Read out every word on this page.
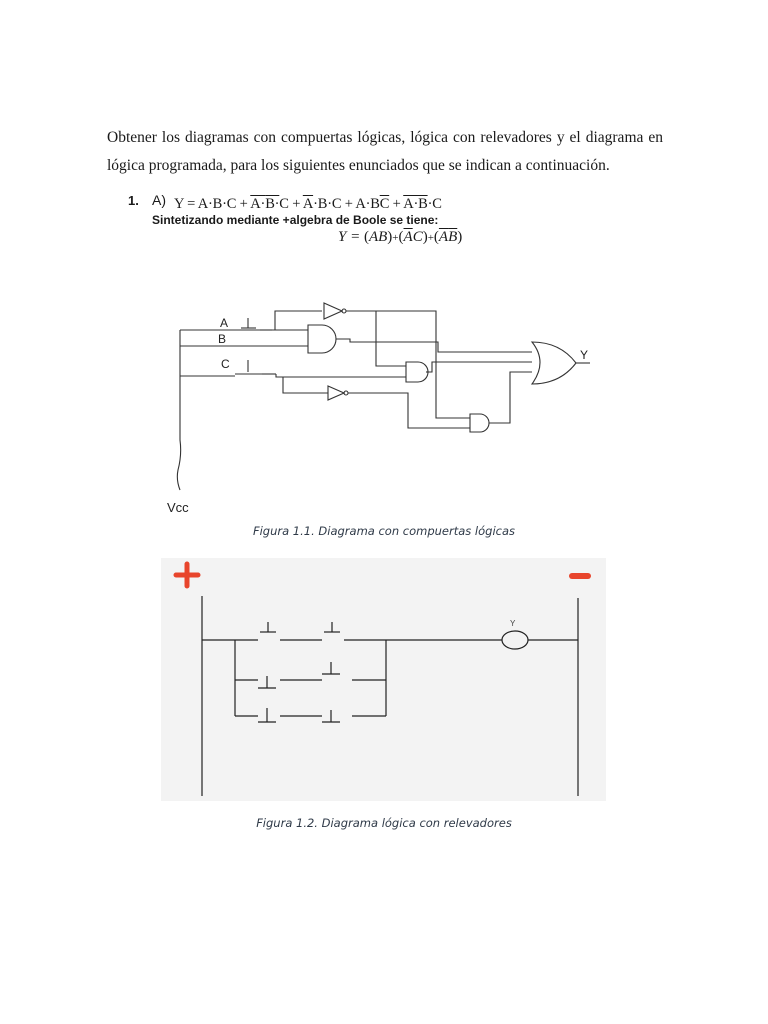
Obtener los diagramas con compuertas lógicas, lógica con relevadores y el diagrama en
lógica programada, para los siguientes enunciados que se indican a continuación.
1. A) $Y = A\cdot B\cdot C + A\cdot B\cdot C + \overline{A}\cdot B\cdot C + A\cdot B\overline{C} + A\cdot B\cdot C$
Sintetizando mediante +algebra de Boole se tiene:
$Y = (AB)+(\overline{A}C)+(\overline{A}\overline{B})$
A
B
C
Y
Vcc
Figura 1.1. Diagrama con compuertas lógicas
Y
Figura 1.2. Diagrama lógica con relevadores
